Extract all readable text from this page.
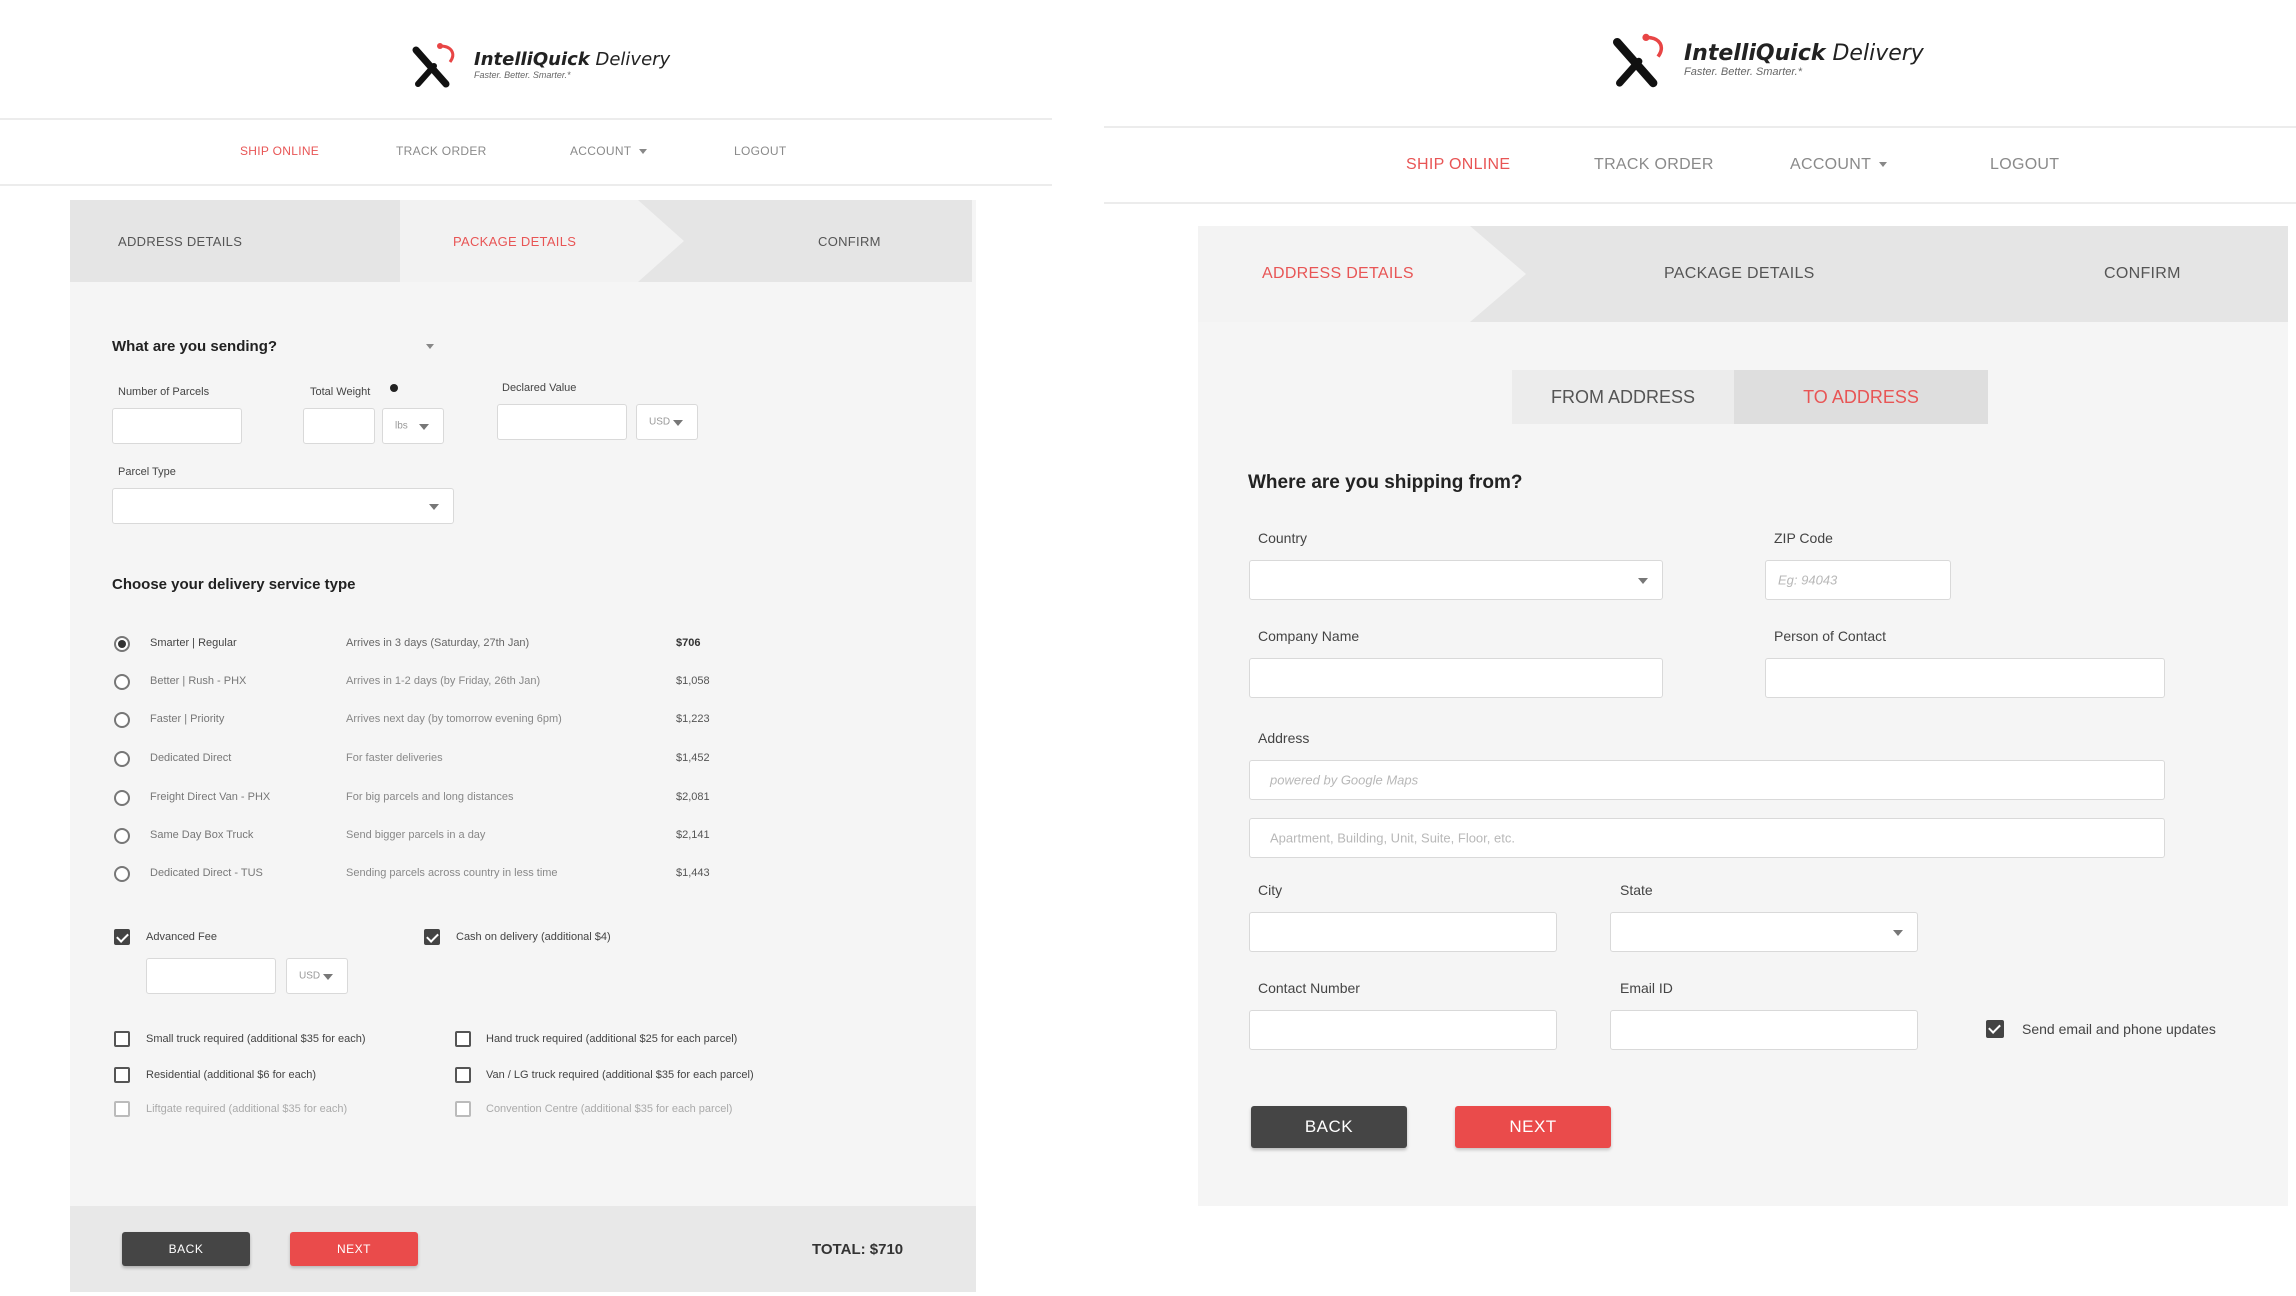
IntelliQuick Delivery
Faster. Better. Smarter.*
SHIP ONLINE	TRACK ORDER	ACCOUNT	LOGOUT
ADDRESS DETAILS	PACKAGE DETAILS	CONFIRM
What are you sending?
Number of Parcels	Total Weight
lbs
Declared Value
USD
Parcel Type
Choose your delivery service type
Smarter | Regular	Arrives in 3 days (Saturday, 27th Jan)	$706
Better | Rush - PHX	Arrives in 1-2 days (by Friday, 26th Jan)	$1,058
Faster | Priority	Arrives next day (by tomorrow evening 6pm)	$1,223
Dedicated Direct	For faster deliveries	$1,452
Freight Direct Van - PHX	For big parcels and long distances	$2,081
Same Day Box Truck	Send bigger parcels in a day	$2,141
Dedicated Direct - TUS	Sending parcels across country in less time	$1,443
Advanced Fee	Cash on delivery (additional $4)
USD
Small truck required (additional $35 for each)	Hand truck required (additional $25 for each parcel)
Residential (additional $6 for each)	Van / LG truck required (additional $35 for each parcel)
Liftgate required (additional $35 for each)	Convention Centre (additional $35 for each parcel)
BACK	NEXT	TOTAL: $710
IntelliQuick Delivery
Faster. Better. Smarter.*
SHIP ONLINE	TRACK ORDER	ACCOUNT	LOGOUT
ADDRESS DETAILS	PACKAGE DETAILS	CONFIRM
FROM ADDRESS	TO ADDRESS
Where are you shipping from?
Country	ZIP Code
Eg: 94043
Company Name	Person of Contact
Address
powered by Google Maps
Apartment, Building, Unit, Suite, Floor, etc.
City	State
Contact Number	Email ID
Send email and phone updates
BACK	NEXT
